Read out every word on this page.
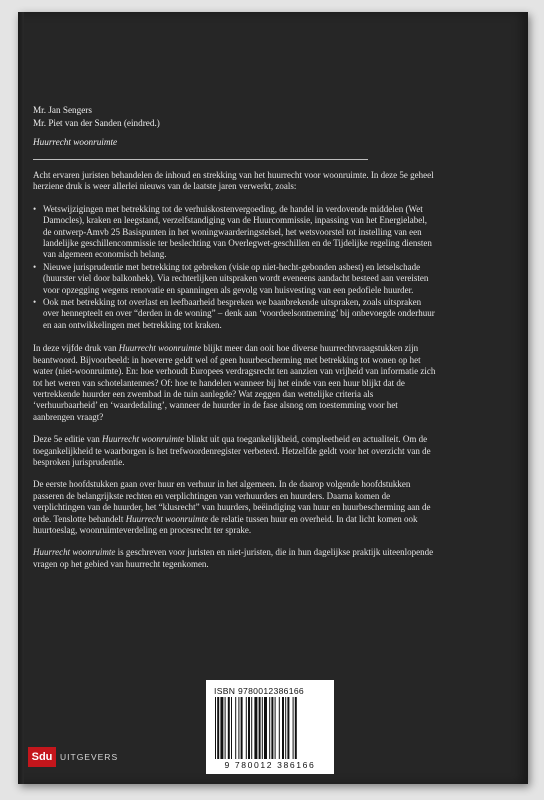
Mr. Jan Sengers
Mr. Piet van der Sanden (eindred.)
Huurrecht woonruimte

Acht ervaren juristen behandelen de inhoud en strekking van het huurrecht voor woonruimte. In deze 5e geheel herziene druk is weer allerlei nieuws van de laatste jaren verwerkt, zoals:

• Wetswijzigingen met betrekking tot de verhuiskostenvergoeding, de handel in verdovende middelen (Wet Damocles), kraken en leegstand, verzelfstandiging van de Huurcommissie, inpassing van het Energielabel, de ontwerp-Amvb 25 Basispunten in het woningwaarderingstelsel, het wetsvoorstel tot instelling van een landelijke geschillencommissie ter beslechting van Overlegwet-geschillen en de Tijdelijke regeling diensten van algemeen economisch belang.
• Nieuwe jurisprudentie met betrekking tot gebreken (visie op niet-hecht-gebonden asbest) en letselschade (huurster viel door balkonhek). Via rechterlijken uitspraken wordt eveneens aandacht besteed aan vereisten voor opzegging wegens renovatie en spanningen als gevolg van huisvesting van een pedofiele huurder.
• Ook met betrekking tot overlast en leefbaarheid bespreken we baanbrekende uitspraken, zoals uitspraken over hennepteelt en over “derden in de woning” – denk aan ‘voordeelsontneming’ bij onbevoegde onderhuur en aan ontwikkelingen met betrekking tot kraken.

In deze vijfde druk van Huurrecht woonruimte blijkt meer dan ooit hoe diverse huurrechtvraagstukken zijn beantwoord. Bijvoorbeeld: in hoeverre geldt wel of geen huurbescherming met betrekking tot wonen op het water (niet-woonruimte). En: hoe verhoudt Europees verdragsrecht ten aanzien van vrijheid van informatie zich tot het weren van schotelantennes? Of: hoe te handelen wanneer bij het einde van een huur blijkt dat de vertrekkende huurder een zwembad in de tuin aanlegde? Wat zeggen dan wettelijke criteria als ‘verhuurbaarheid’ en ‘waardedaling’, wanneer de huurder in de fase alsnog om toestemming voor het aanbrengen vraagt?

Deze 5e editie van Huurrecht woonruimte blinkt uit qua toegankelijkheid, compleetheid en actualiteit. Om de toegankelijkheid te waarborgen is het trefwoordenregister verbeterd. Hetzelfde geldt voor het overzicht van de besproken jurisprudentie.

De eerste hoofdstukken gaan over huur en verhuur in het algemeen. In de daarop volgende hoofdstukken passeren de belangrijkste rechten en verplichtingen van verhuurders en huurders. Daarna komen de verplichtingen van de huurder, het “klusrecht” van huurders, beëindiging van huur en huurbescherming aan de orde. Tenslotte behandelt Huurrecht woonruimte de relatie tussen huur en overheid. In dat licht komen ook huurtoeslag, woonruimteverdeling en procesrecht ter sprake.

Huurrecht woonruimte is geschreven voor juristen en niet-juristen, die in hun dagelijkse praktijk uiteenlopende vragen op het gebied van huurrecht tegenkomen.

ISBN 9780012386166
9 780012 386166
Sdu UITGEVERS
